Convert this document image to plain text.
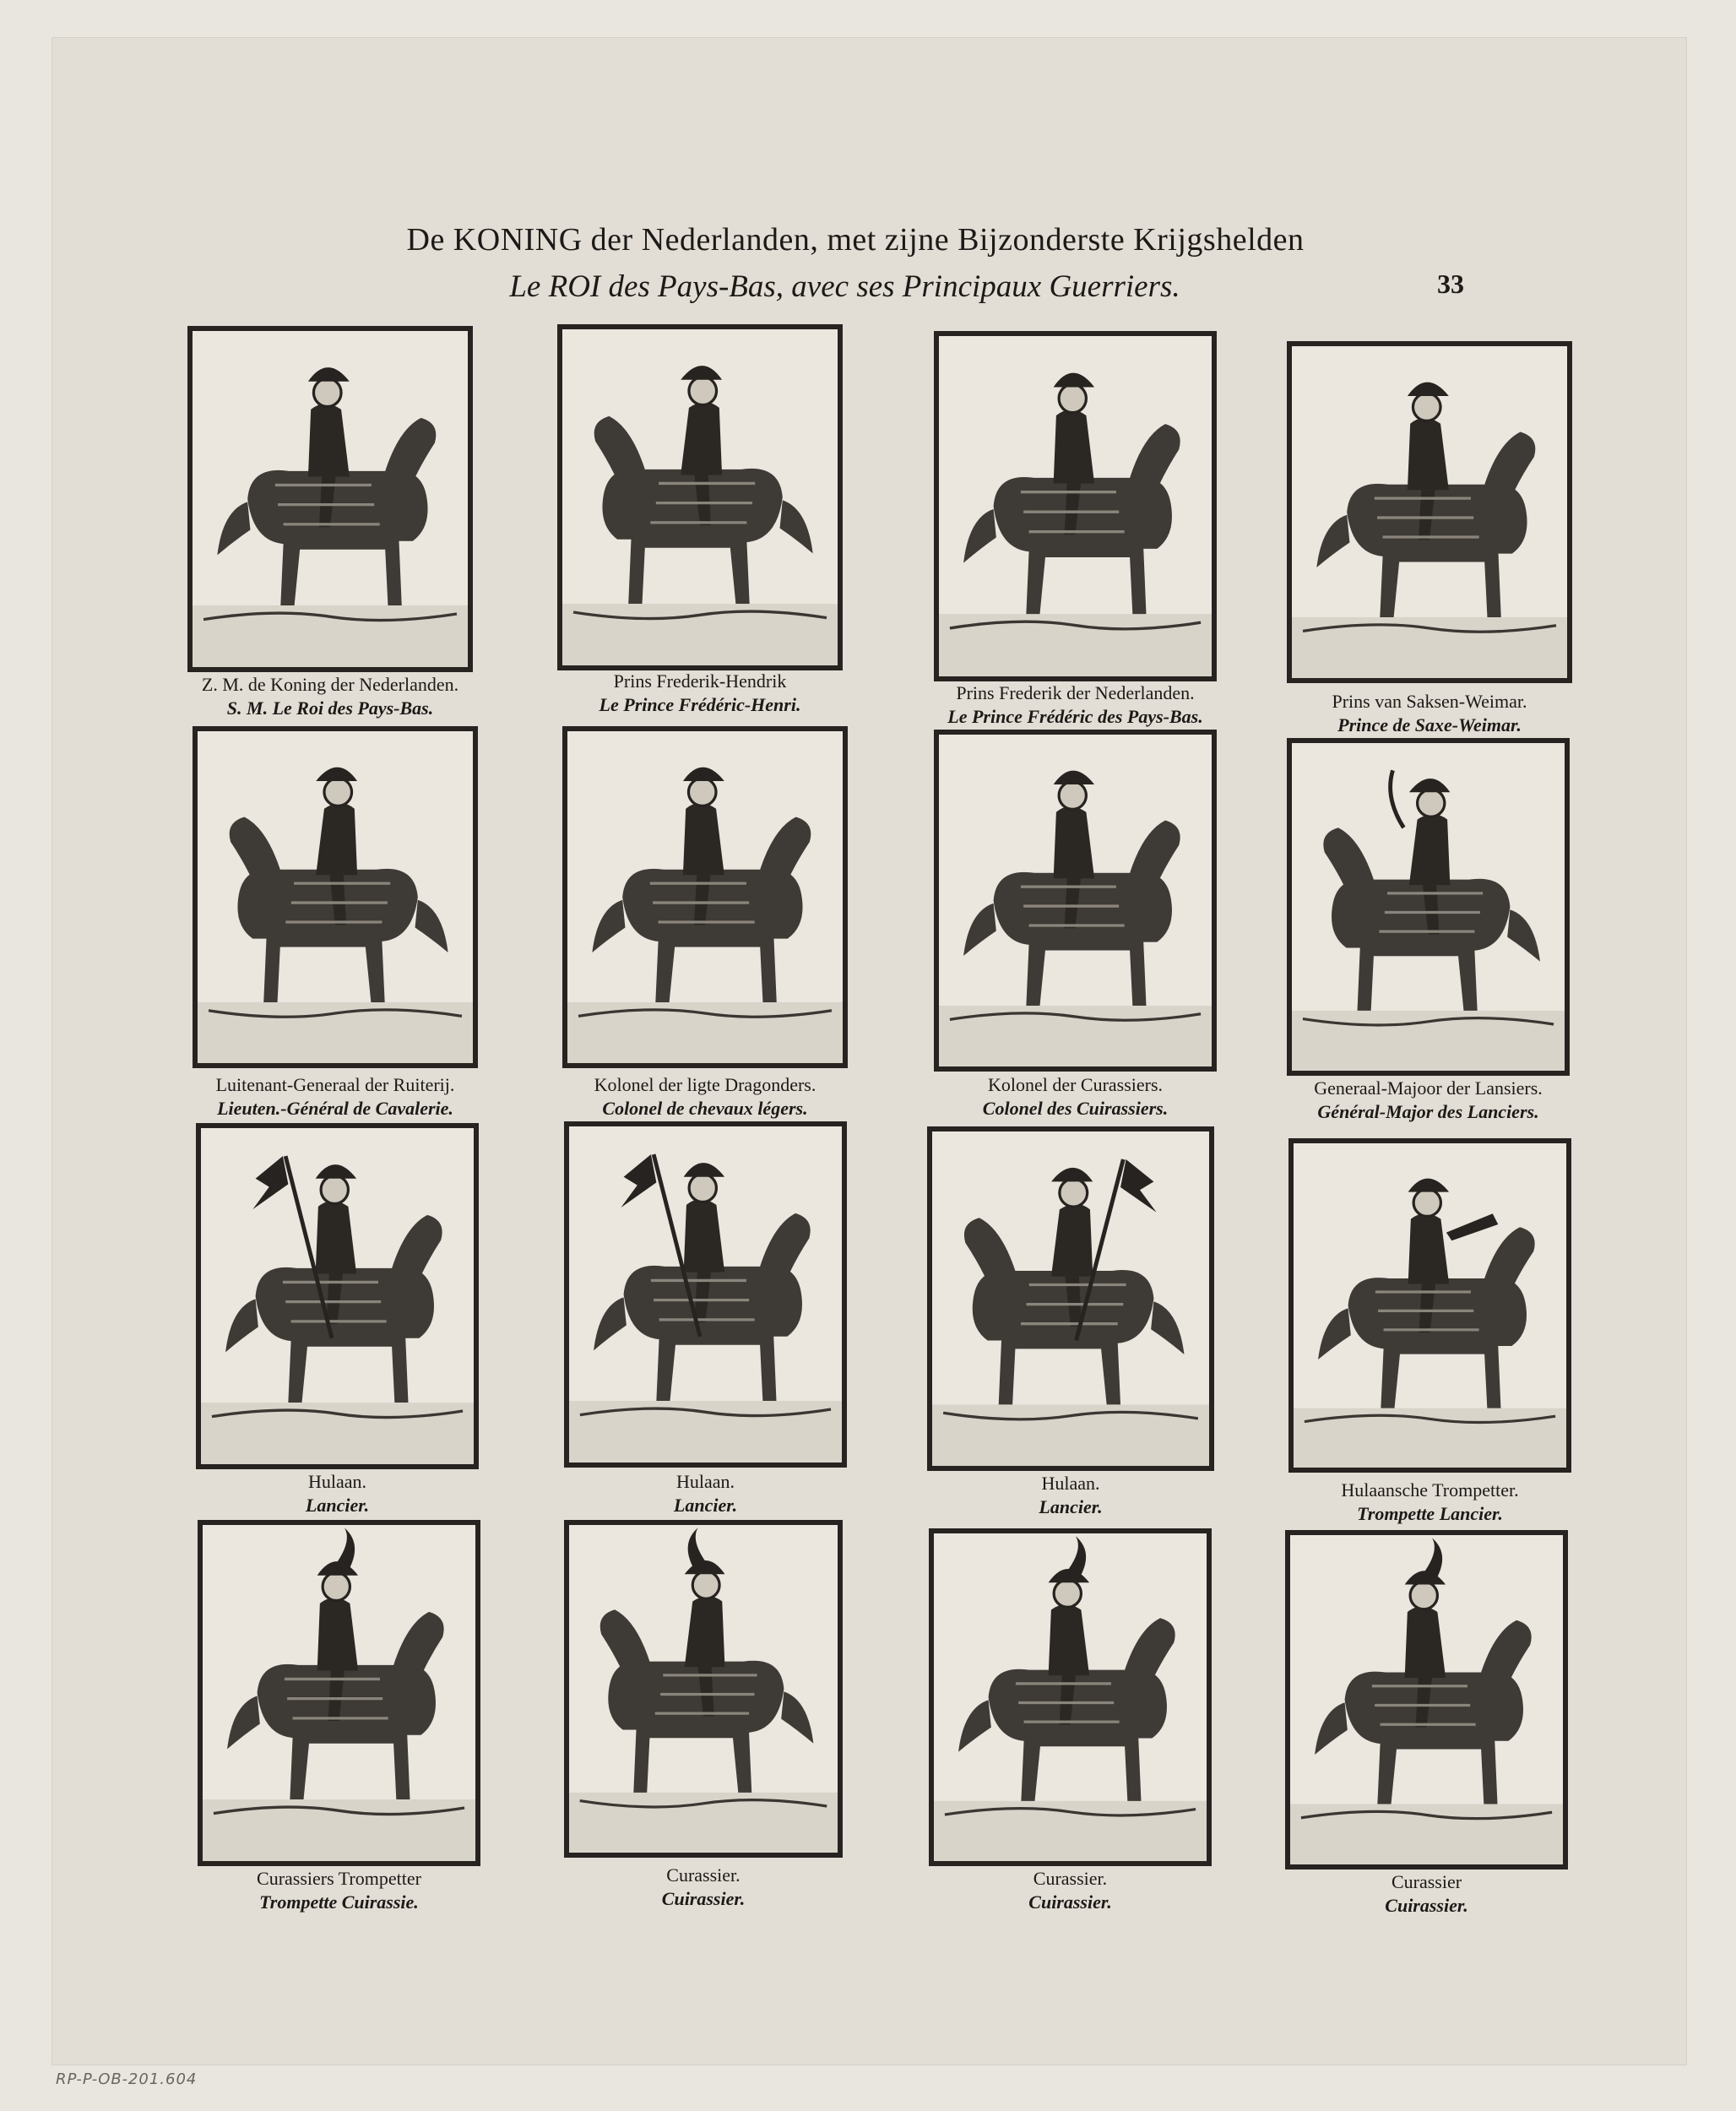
De KONING der Nederlanden, met zijne Bijzonderste Krijgshelden
Le ROI des Pays-Bas, avec ses Principaux Guerriers.	33
Z. M. de Koning der Nederlanden.
S. M. Le Roi des Pays-Bas.
Prins Frederik-Hendrik
Le Prince Frédéric-Henri.
Prins Frederik der Nederlanden.
Le Prince Frédéric des Pays-Bas.
Prins van Saksen-Weimar.
Prince de Saxe-Weimar.
Luitenant-Generaal der Ruiterij.
Lieuten.-Général de Cavalerie.
Kolonel der ligte Dragonders.
Colonel de chevaux légers.
Kolonel der Curassiers.
Colonel des Cuirassiers.
Generaal-Majoor der Lansiers.
Général-Major des Lanciers.
Hulaan.
Lancier.
Hulaan.
Lancier.
Hulaan.
Lancier.
Hulaansche Trompetter.
Trompette Lancier.
Curassiers Trompetter
Trompette Cuirassie.
Curassier.
Cuirassier.
Curassier.
Cuirassier.
Curassier
Cuirassier.
RP-P-OB-201.604
